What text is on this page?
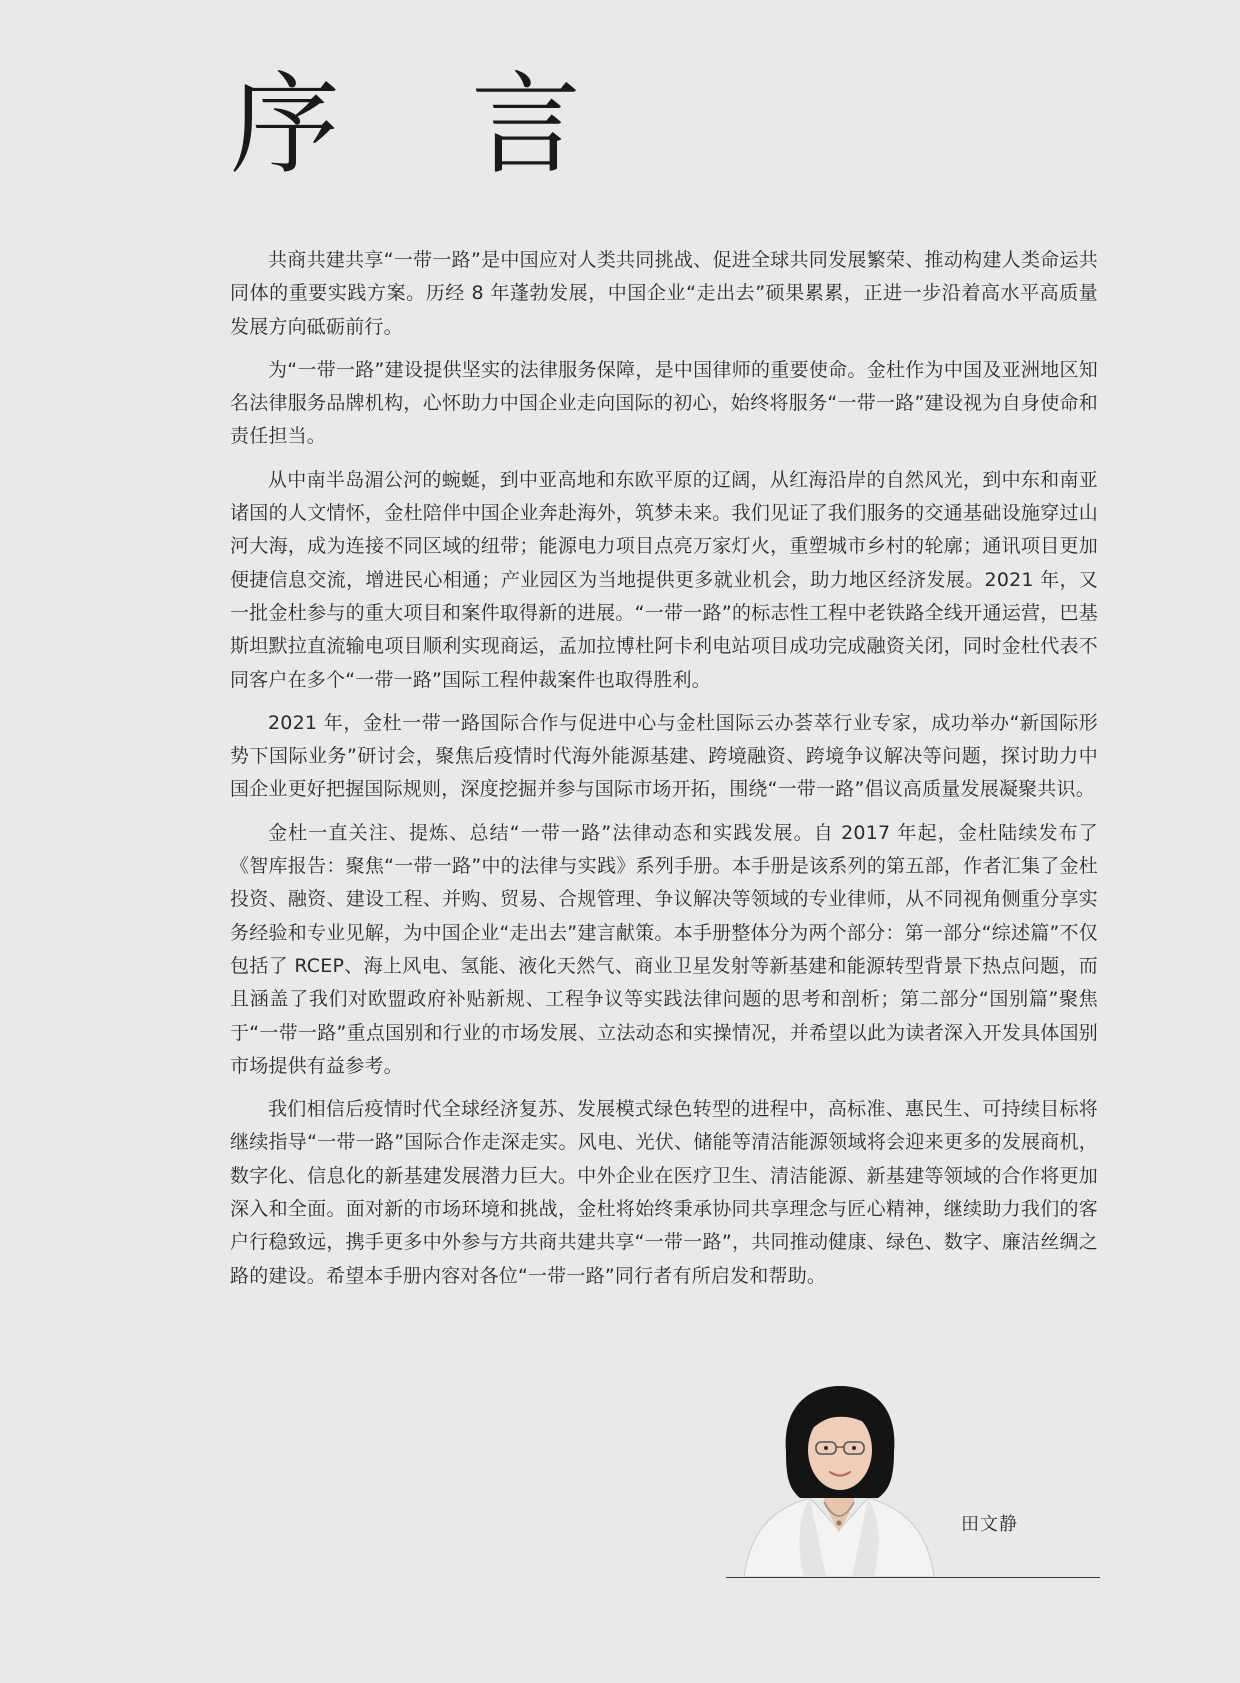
序 言

共商共建共享“一带一路”是中国应对人类共同挑战、促进全球共同发展繁荣、推动构建人类命运共同体的重要实践方案。历经 8 年蓬勃发展，中国企业“走出去”硕果累累，正进一步沿着高水平高质量发展方向砥砺前行。

为“一带一路”建设提供坚实的法律服务保障，是中国律师的重要使命。金杜作为中国及亚洲地区知名法律服务品牌机构，心怀助力中国企业走向国际的初心，始终将服务“一带一路”建设视为自身使命和责任担当。

从中南半岛湄公河的蜿蜒，到中亚高地和东欧平原的辽阔，从红海沿岸的自然风光，到中东和南亚诸国的人文情怀，金杜陪伴中国企业奔赴海外，筑梦未来。我们见证了我们服务的交通基础设施穿过山河大海，成为连接不同区域的纽带；能源电力项目点亮万家灯火，重塑城市乡村的轮廓；通讯项目更加便捷信息交流，增进民心相通；产业园区为当地提供更多就业机会，助力地区经济发展。2021 年，又一批金杜参与的重大项目和案件取得新的进展。“一带一路”的标志性工程中老铁路全线开通运营，巴基斯坦默拉直流输电项目顺利实现商运，孟加拉博杜阿卡利电站项目成功完成融资关闭，同时金杜代表不同客户在多个“一带一路”国际工程仲裁案件也取得胜利。

2021 年，金杜一带一路国际合作与促进中心与金杜国际云办荟萃行业专家，成功举办“新国际形势下国际业务”研讨会，聚焦后疫情时代海外能源基建、跨境融资、跨境争议解决等问题，探讨助力中国企业更好把握国际规则，深度挖掘并参与国际市场开拓，围绕“一带一路”倡议高质量发展凝聚共识。

金杜一直关注、提炼、总结“一带一路”法律动态和实践发展。自 2017 年起，金杜陆续发布了《智库报告：聚焦“一带一路”中的法律与实践》系列手册。本手册是该系列的第五部，作者汇集了金杜投资、融资、建设工程、并购、贸易、合规管理、争议解决等领域的专业律师，从不同视角侧重分享实务经验和专业见解，为中国企业“走出去”建言献策。本手册整体分为两个部分：第一部分“综述篇”不仅包括了 RCEP、海上风电、氢能、液化天然气、商业卫星发射等新基建和能源转型背景下热点问题，而且涵盖了我们对欧盟政府补贴新规、工程争议等实践法律问题的思考和剖析；第二部分“国别篇”聚焦于“一带一路”重点国别和行业的市场发展、立法动态和实操情况，并希望以此为读者深入开发具体国别市场提供有益参考。

我们相信后疫情时代全球经济复苏、发展模式绿色转型的进程中，高标准、惠民生、可持续目标将继续指导“一带一路”国际合作走深走实。风电、光伏、储能等清洁能源领域将会迎来更多的发展商机，数字化、信息化的新基建发展潜力巨大。中外企业在医疗卫生、清洁能源、新基建等领域的合作将更加深入和全面。面对新的市场环境和挑战，金杜将始终秉承协同共享理念与匠心精神，继续助力我们的客户行稳致远，携手更多中外参与方共商共建共享“一带一路”，共同推动健康、绿色、数字、廉洁丝绸之路的建设。希望本手册内容对各位“一带一路”同行者有所启发和帮助。

田文静
